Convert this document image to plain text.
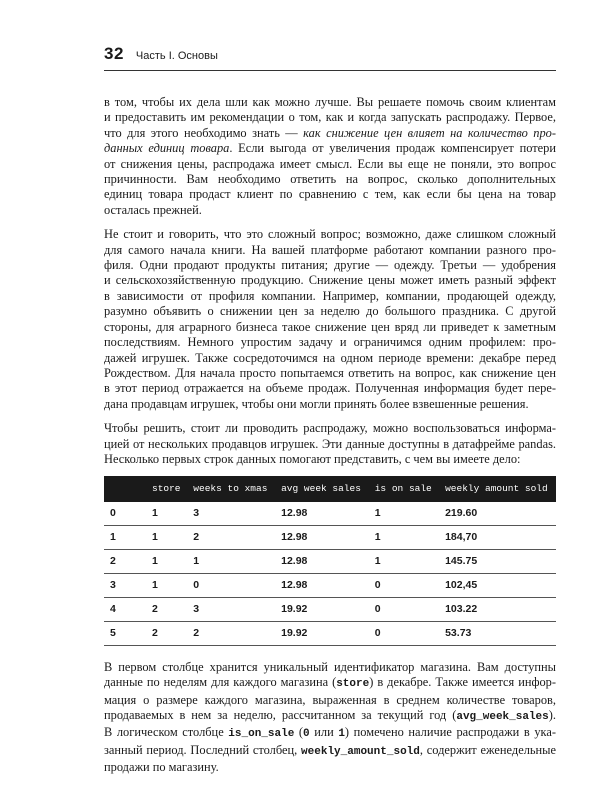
32 Часть I. Основы

в том, чтобы их дела шли как можно лучше. Вы решаете помочь своим клиентам
и предоставить им рекомендации о том, как и когда запускать распродажу. Первое,
что для этого необходимо знать — как снижение цен влияет на количество про-
данных единиц товара. Если выгода от увеличения продаж компенсирует потери
от снижения цены, распродажа имеет смысл. Если вы еще не поняли, это вопрос
причинности. Вам необходимо ответить на вопрос, сколько дополнительных
единиц товара продаст клиент по сравнению с тем, как если бы цена на товар
осталась прежней.

Не стоит и говорить, что это сложный вопрос; возможно, даже слишком сложный
для самого начала книги. На вашей платформе работают компании разного про-
филя. Одни продают продукты питания; другие — одежду. Третьи — удобрения
и сельскохозяйственную продукцию. Снижение цены может иметь разный эффект
в зависимости от профиля компании. Например, компании, продающей одежду,
разумно объявить о снижении цен за неделю до большого праздника. С другой
стороны, для аграрного бизнеса такое снижение цен вряд ли приведет к заметным
последствиям. Немного упростим задачу и ограничимся одним профилем: про-
дажей игрушек. Также сосредоточимся на одном периоде времени: декабре перед
Рождеством. Для начала просто попытаемся ответить на вопрос, как снижение цен
в этот период отражается на объеме продаж. Полученная информация будет пере-
дана продавцам игрушек, чтобы они могли принять более взвешенные решения.

Чтобы решить, стоит ли проводить распродажу, можно воспользоваться информа-
цией от нескольких продавцов игрушек. Эти данные доступны в датафрейме pandas.
Несколько первых строк данных помогают представить, с чем вы имеете дело:

	store	weeks to xmas	avg week sales	is on sale	weekly amount sold
0	1	3	12.98	1	219.60
1	1	2	12.98	1	184,70
2	1	1	12.98	1	145.75
3	1	0	12.98	0	102,45
4	2	3	19.92	0	103.22
5	2	2	19.92	0	53.73

В первом столбце хранится уникальный идентификатор магазина. Вам доступны
данные по неделям для каждого магазина (store) в декабре. Также имеется инфор-
мация о размере каждого магазина, выраженная в среднем количестве товаров,
продаваемых в нем за неделю, рассчитанном за текущий год (avg_week_sales).
В логическом столбце is_on_sale (0 или 1) помечено наличие распродажи в ука-
занный период. Последний столбец, weekly_amount_sold, содержит еженедельные
продажи по магазину.
